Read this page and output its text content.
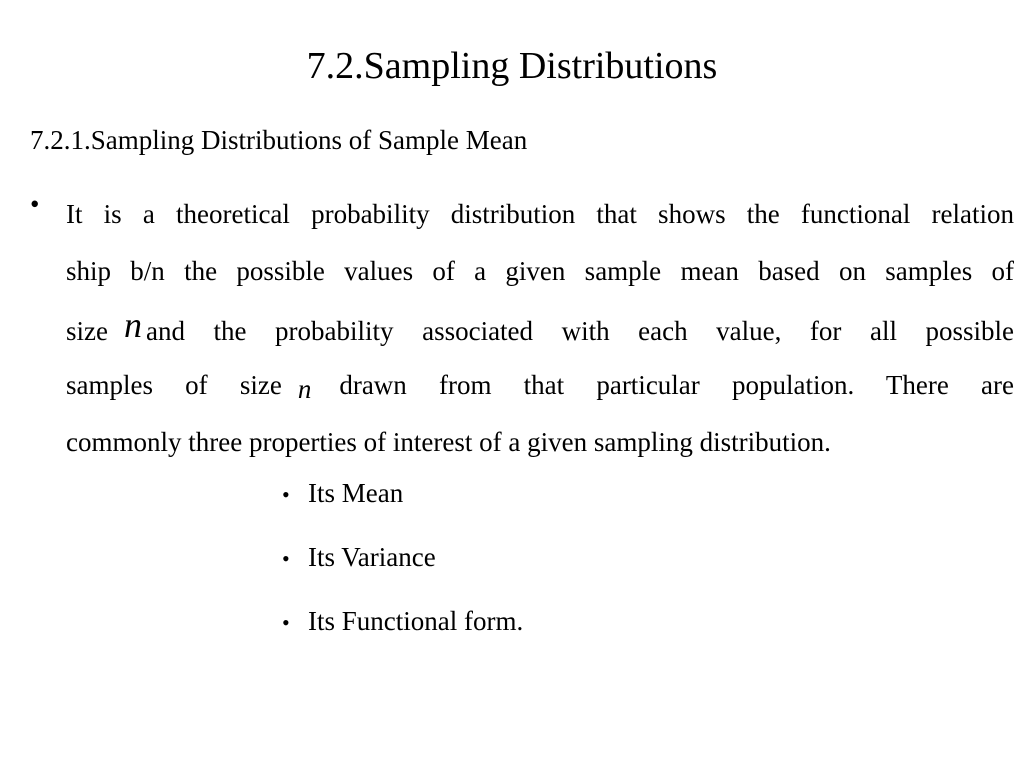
7.2.Sampling Distributions
7.2.1.Sampling Distributions of Sample Mean
• It is a theoretical probability distribution that shows the functional relation
ship b/n the possible values of a given sample mean based on samples of
size n and the probability associated with each value, for all possible
samples of size n drawn from that particular population. There are
commonly three properties of interest of a given sampling distribution.
• Its Mean
• Its Variance
• Its Functional form.
